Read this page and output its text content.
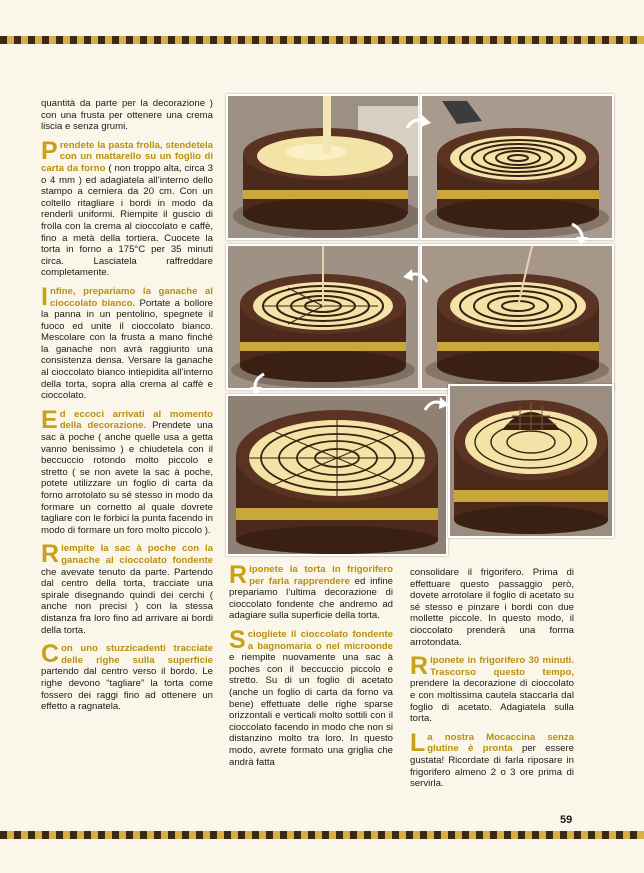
quantità da parte per la decorazione ) con una frusta per ottenere una crema liscia e senza grumi.

Prendete la pasta frolla, stendetela con un mattarello su un foglio di carta da forno ( non troppo alta, circa 3 o 4 mm ) ed adagiatela all’interno dello stampo a cerniera da 20 cm. Con un coltello ritagliare i bordi in modo da renderli uniformi. Riempite il guscio di frolla con la crema al cioccolato e caffè, fino a metà della tortiera. Cuocete la torta in forno a 175°C per 35 minuti circa. Lasciatela raffreddare completamente.

Infine, prepariamo la ganache al cioccolato bianco. Portate a bollore la panna in un pentolino, spegnete il fuoco ed unite il cioccolato bianco. Mescolare con la frusta a mano finché la ganache non avrà raggiunto una consistenza densa. Versare la ganache al cioccolato bianco intiepidita all’interno della torta, sopra alla crema al caffè e cioccolato.

Ed eccoci arrivati al momento della decorazione. Prendete una sac à poche ( anche quelle usa a getta vanno benissimo ) e chiudetela con il beccuccio rotondo molto piccolo e stretto ( se non avete la sac à poche, potete utilizzare un foglio di carta da forno arrotolato su sé stesso in modo da formare un cornetto al quale dovrete tagliare con le forbici la punta facendo in modo di formare un foro molto piccolo ).

Riempite la sac à poche con la ganache al cioccolato fondente che avevate tenuto da parte. Partendo dal centro della torta, tracciate una spirale disegnando quindi dei cerchi ( anche non precisi ) con la stessa distanza fra loro fino ad arrivare ai bordi della torta.

Con uno stuzzicadenti tracciate delle righe sulla superficie partendo dal centro verso il bordo. Le righe devono “tagliare” la torta come fossero dei raggi fino ad ottenere un effetto a ragnatela.

Riponete la torta in frigorifero per farla rapprendere ed infine prepariamo l’ultima decorazione di cioccolato fondente che andremo ad adagiare sulla superficie della torta.

Sciogliete il cioccolato fondente a bagnomaria o nel microonde e riempite nuovamente una sac à poches con il beccuccio piccolo e stretto. Su di un foglio di acetato (anche un foglio di carta da forno va bene) effettuate delle righe sparse orizzontali e verticali molto sottili con il cioccolato facendo in modo che non si distanzino molto tra loro. In questo modo, avrete formato una griglia che andrà fatta

consolidare il frigorifero. Prima di effettuare questo passaggio però, dovete arrotolare il foglio di acetato su sé stesso e pinzare i bordi con due mollette piccole. In questo modo, il cioccolato prenderà una forma arrotondata.

Riponete in frigorifero 30 minuti. Trascorso questo tempo, prendere la decorazione di cioccolato e con moltissima cautela staccarla dal foglio di acetato. Adagiatela sulla torta.

La nostra Mocaccina senza glutine è pronta per essere gustata! Ricordate di farla riposare in frigorifero almeno 2 o 3 ore prima di servirla.

59
